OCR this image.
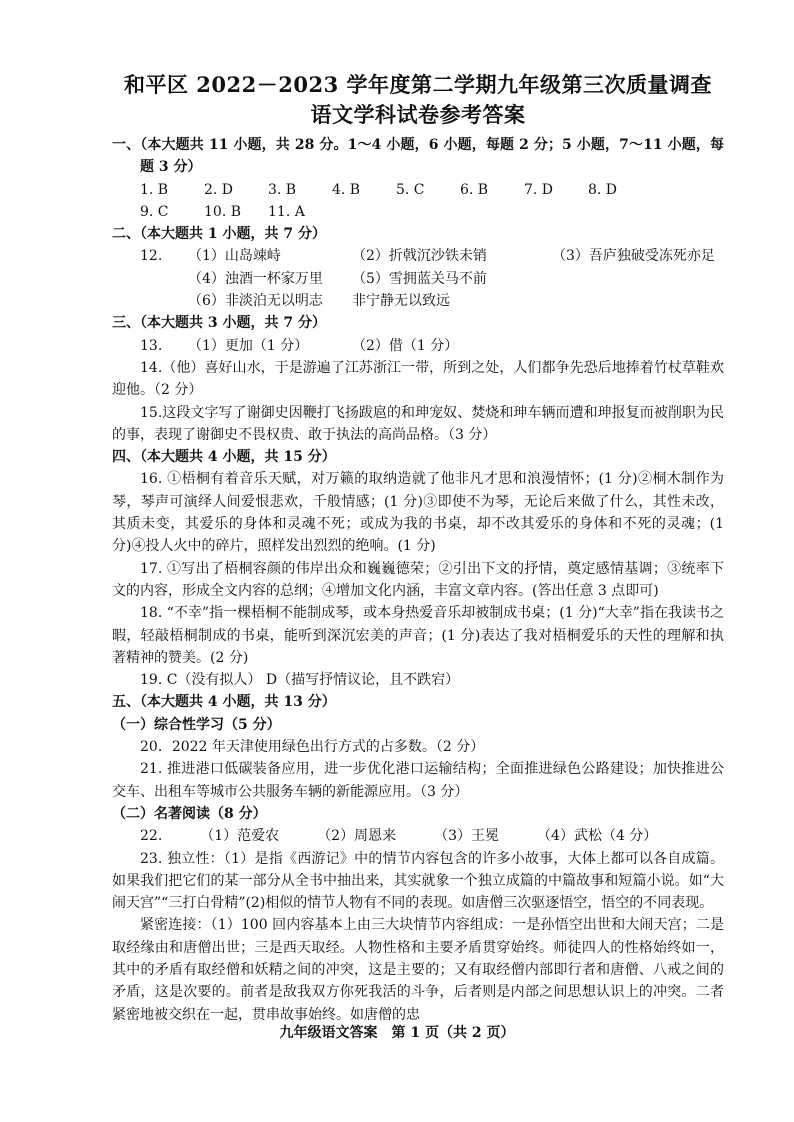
和平区 2022－2023 学年度第二学期九年级第三次质量调查
语文学科试卷参考答案

一、（本大题共 11 小题，共 28 分。1～4 小题，6 小题，每题 2 分；5 小题，7～11 小题，每题 3 分）

1. B	2. D	3. B	4. B	5. C	6. B	7. D	8. D
9. C	10. B	11. A

二、（本大题共 1 小题，共 7 分）

12.	（1）山岛竦峙	（2）折戟沉沙铁未销	（3）吾庐独破受冻死亦足
（4）浊酒一杯家万里	（5）雪拥蓝关马不前
（6）非淡泊无以明志	非宁静无以致远

三、（本大题共 3 小题，共 7 分）

13.	（1）更加（1 分）	（2）借（1 分）

14.（他）喜好山水，于是游遍了江苏浙江一带，所到之处，人们都争先恐后地捧着竹杖草鞋欢迎他。（2 分）

15.这段文字写了谢御史因鞭打飞扬跋扈的和珅宠奴、焚烧和珅车辆而遭和珅报复而被削职为民的事，表现了谢御史不畏权贵、敢于执法的高尚品格。（3 分）

四、（本大题共 4 小题，共 15 分）

16. ①梧桐有着音乐天赋，对万籁的取纳造就了他非凡才思和浪漫情怀；(1 分)②桐木制作为琴，琴声可演绎人间爱恨悲欢，千般情感；(1 分)③即使不为琴，无论后来做了什么，其性未改，其质未变，其爱乐的身体和灵魂不死；或成为我的书桌，却不改其爱乐的身体和不死的灵魂；(1 分)④投人火中的碎片，照样发出烈烈的绝响。(1 分)

17. ①写出了梧桐容颜的伟岸出众和巍巍德荣；②引出下文的抒情，奠定感情基调；③统率下文的内容，形成全文内容的总纲；④增加文化内涵，丰富文章内容。(答出任意 3 点即可)

18. “不幸”指一棵梧桐不能制成琴，或本身热爱音乐却被制成书桌；(1 分)“大幸”指在我读书之暇，轻敲梧桐制成的书桌，能听到深沉宏美的声音；(1 分)表达了我对梧桐爱乐的天性的理解和执著精神的赞美。(2 分)

19. C（没有拟人） D（描写抒情议论，且不跌宕）

五、（本大题共 4 小题，共 13 分）

（一）综合性学习（5 分）

20．2022 年天津使用绿色出行方式的占多数。（2 分）

21. 推进港口低碳装备应用，进一步优化港口运输结构；全面推进绿色公路建设；加快推进公交车、出租车等城市公共服务车辆的新能源应用。（3 分）

（二）名著阅读（8 分）

22.	（1）范爱农	（2）周恩来	（3）王冕	（4）武松（4 分）

23. 独立性：（1）是指《西游记》中的情节内容包含的许多小故事，大体上都可以各自成篇。如果我们把它们的某一部分从全书中抽出来，其实就象一个独立成篇的中篇故事和短篇小说。如“大闹天宫”“三打白骨精”(2)相似的情节人物有不同的表现。如唐僧三次驱逐悟空，悟空的不同表现。

紧密连接：（1）100 回内容基本上由三大块情节内容组成：一是孙悟空出世和大闹天宫；二是取经缘由和唐僧出世；三是西天取经。人物性格和主要矛盾贯穿始终。师徒四人的性格始终如一，其中的矛盾有取经僧和妖精之间的冲突，这是主要的；又有取经僧内部即行者和唐僧、八戒之间的矛盾，这是次要的。前者是敌我双方你死我活的斗争，后者则是内部之间思想认识上的冲突。二者紧密地被交织在一起，贯串故事始终。如唐僧的忠

九年级语文答案　第 1 页（共 2 页）
